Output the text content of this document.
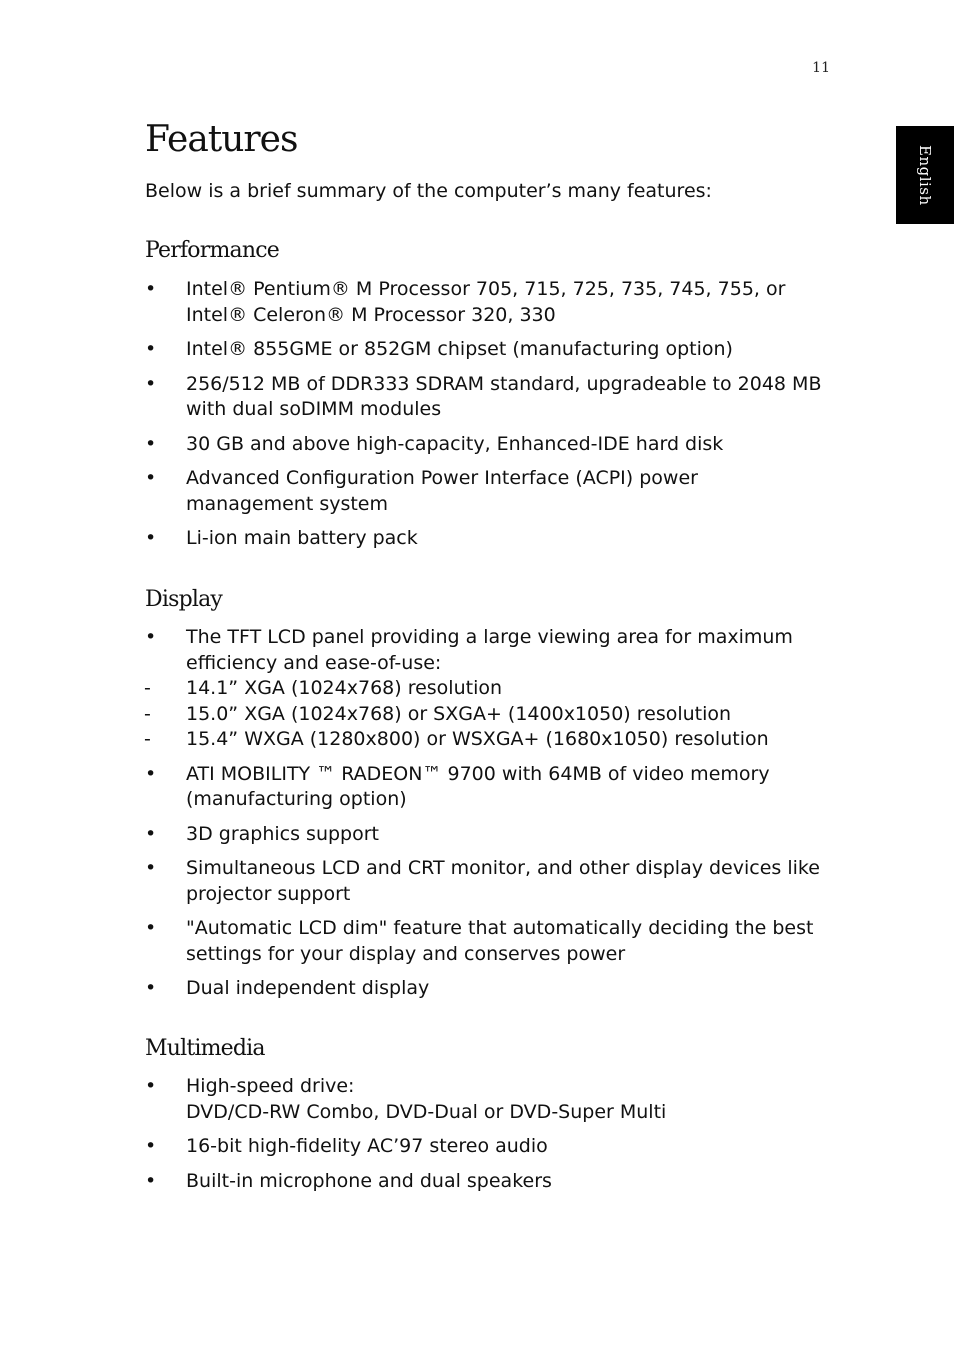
11
English
Features

Below is a brief summary of the computer’s many features:

Performance
• Intel® Pentium® M Processor 705, 715, 725, 735, 745, 755, or
Intel® Celeron® M Processor 320, 330
• Intel® 855GME or 852GM chipset (manufacturing option)
• 256/512 MB of DDR333 SDRAM standard, upgradeable to 2048 MB
with dual soDIMM modules
• 30 GB and above high-capacity, Enhanced-IDE hard disk
• Advanced Configuration Power Interface (ACPI) power
management system
• Li-ion main battery pack
Display
• The TFT LCD panel providing a large viewing area for maximum
efficiency and ease-of-use:
- 14.1” XGA (1024x768) resolution
- 15.0” XGA (1024x768) or SXGA+ (1400x1050) resolution
- 15.4” WXGA (1280x800) or WSXGA+ (1680x1050) resolution
• ATI MOBILITY ™ RADEON™ 9700 with 64MB of video memory
(manufacturing option)
• 3D graphics support
• Simultaneous LCD and CRT monitor, and other display devices like
projector support
• "Automatic LCD dim" feature that automatically deciding the best
settings for your display and conserves power
• Dual independent display
Multimedia
• High-speed drive:
DVD/CD-RW Combo, DVD-Dual or DVD-Super Multi
• 16-bit high-fidelity AC’97 stereo audio
• Built-in microphone and dual speakers
